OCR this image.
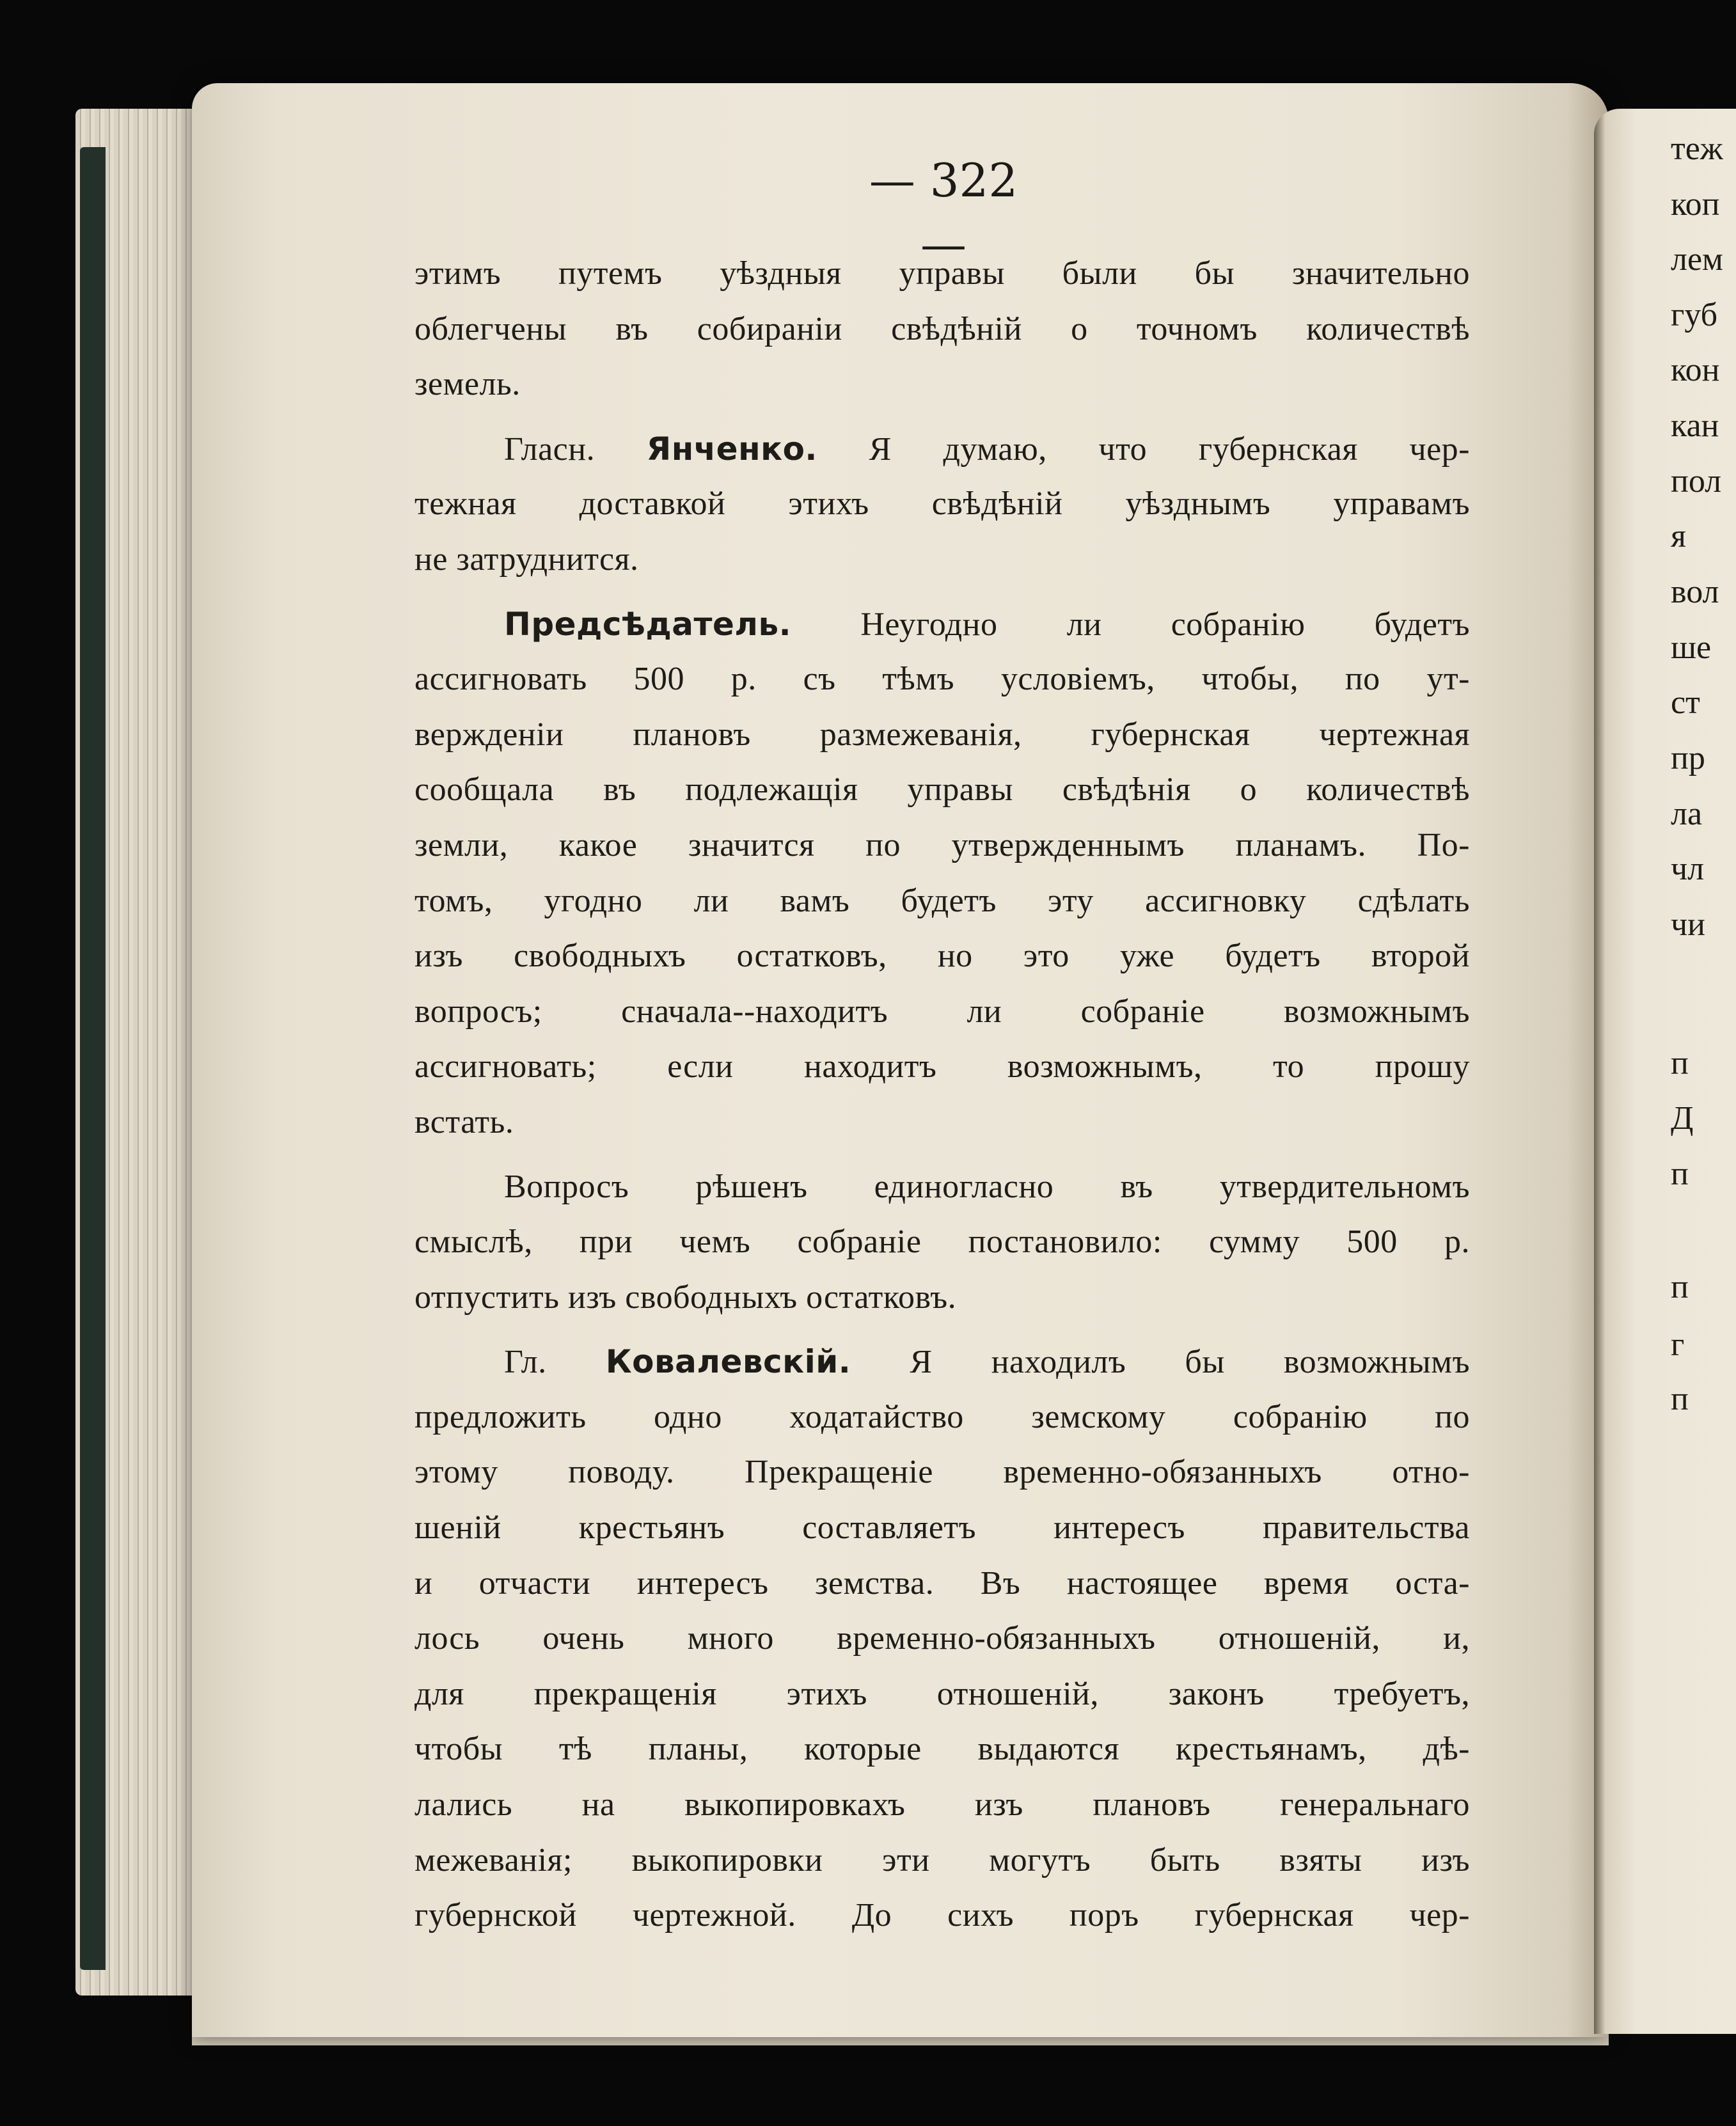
теж
коп
лем
губ
кон
кан
пол
я
вол
ше
ст
пр
ла
чл
чи
п
Д
п
п
г
п
— 322 —
этимъ путемъ уѣздныя управы были бы значительно
облегчены въ собираніи свѣдѣній о точномъ количествѣ
земель.
Гласн. Янченко. Я думаю, что губернская чер-
тежная доставкой этихъ свѣдѣній уѣзднымъ управамъ
не затруднится.
Предсѣдатель. Неугодно ли собранію будетъ
ассигновать 500 р. съ тѣмъ условіемъ, чтобы, по ут-
вержденіи плановъ размежеванія, губернская чертежная
сообщала въ подлежащія управы свѣдѣнія о количествѣ
земли, какое значится по утвержденнымъ планамъ. По-
томъ, угодно ли вамъ будетъ эту ассигновку сдѣлать
изъ свободныхъ остатковъ, но это уже будетъ второй
вопросъ; сначала--находитъ ли собраніе возможнымъ
ассигновать; если находитъ возможнымъ, то прошу
встать.
Вопросъ рѣшенъ единогласно въ утвердительномъ
смыслѣ, при чемъ собраніе постановило: сумму 500 р.
отпустить изъ свободныхъ остатковъ.
Гл. Ковалевскій. Я находилъ бы возможнымъ
предложить одно ходатайство земскому собранію по
этому поводу. Прекращеніе временно-обязанныхъ отно-
шеній крестьянъ составляетъ интересъ правительства
и отчасти интересъ земства. Въ настоящее время оста-
лось очень много временно-обязанныхъ отношеній, и,
для прекращенія этихъ отношеній, законъ требуетъ,
чтобы тѣ планы, которые выдаются крестьянамъ, дѣ-
лались на выкопировкахъ изъ плановъ генеральнаго
межеванія; выкопировки эти могутъ быть взяты изъ
губернской чертежной. До сихъ поръ губернская чер-
